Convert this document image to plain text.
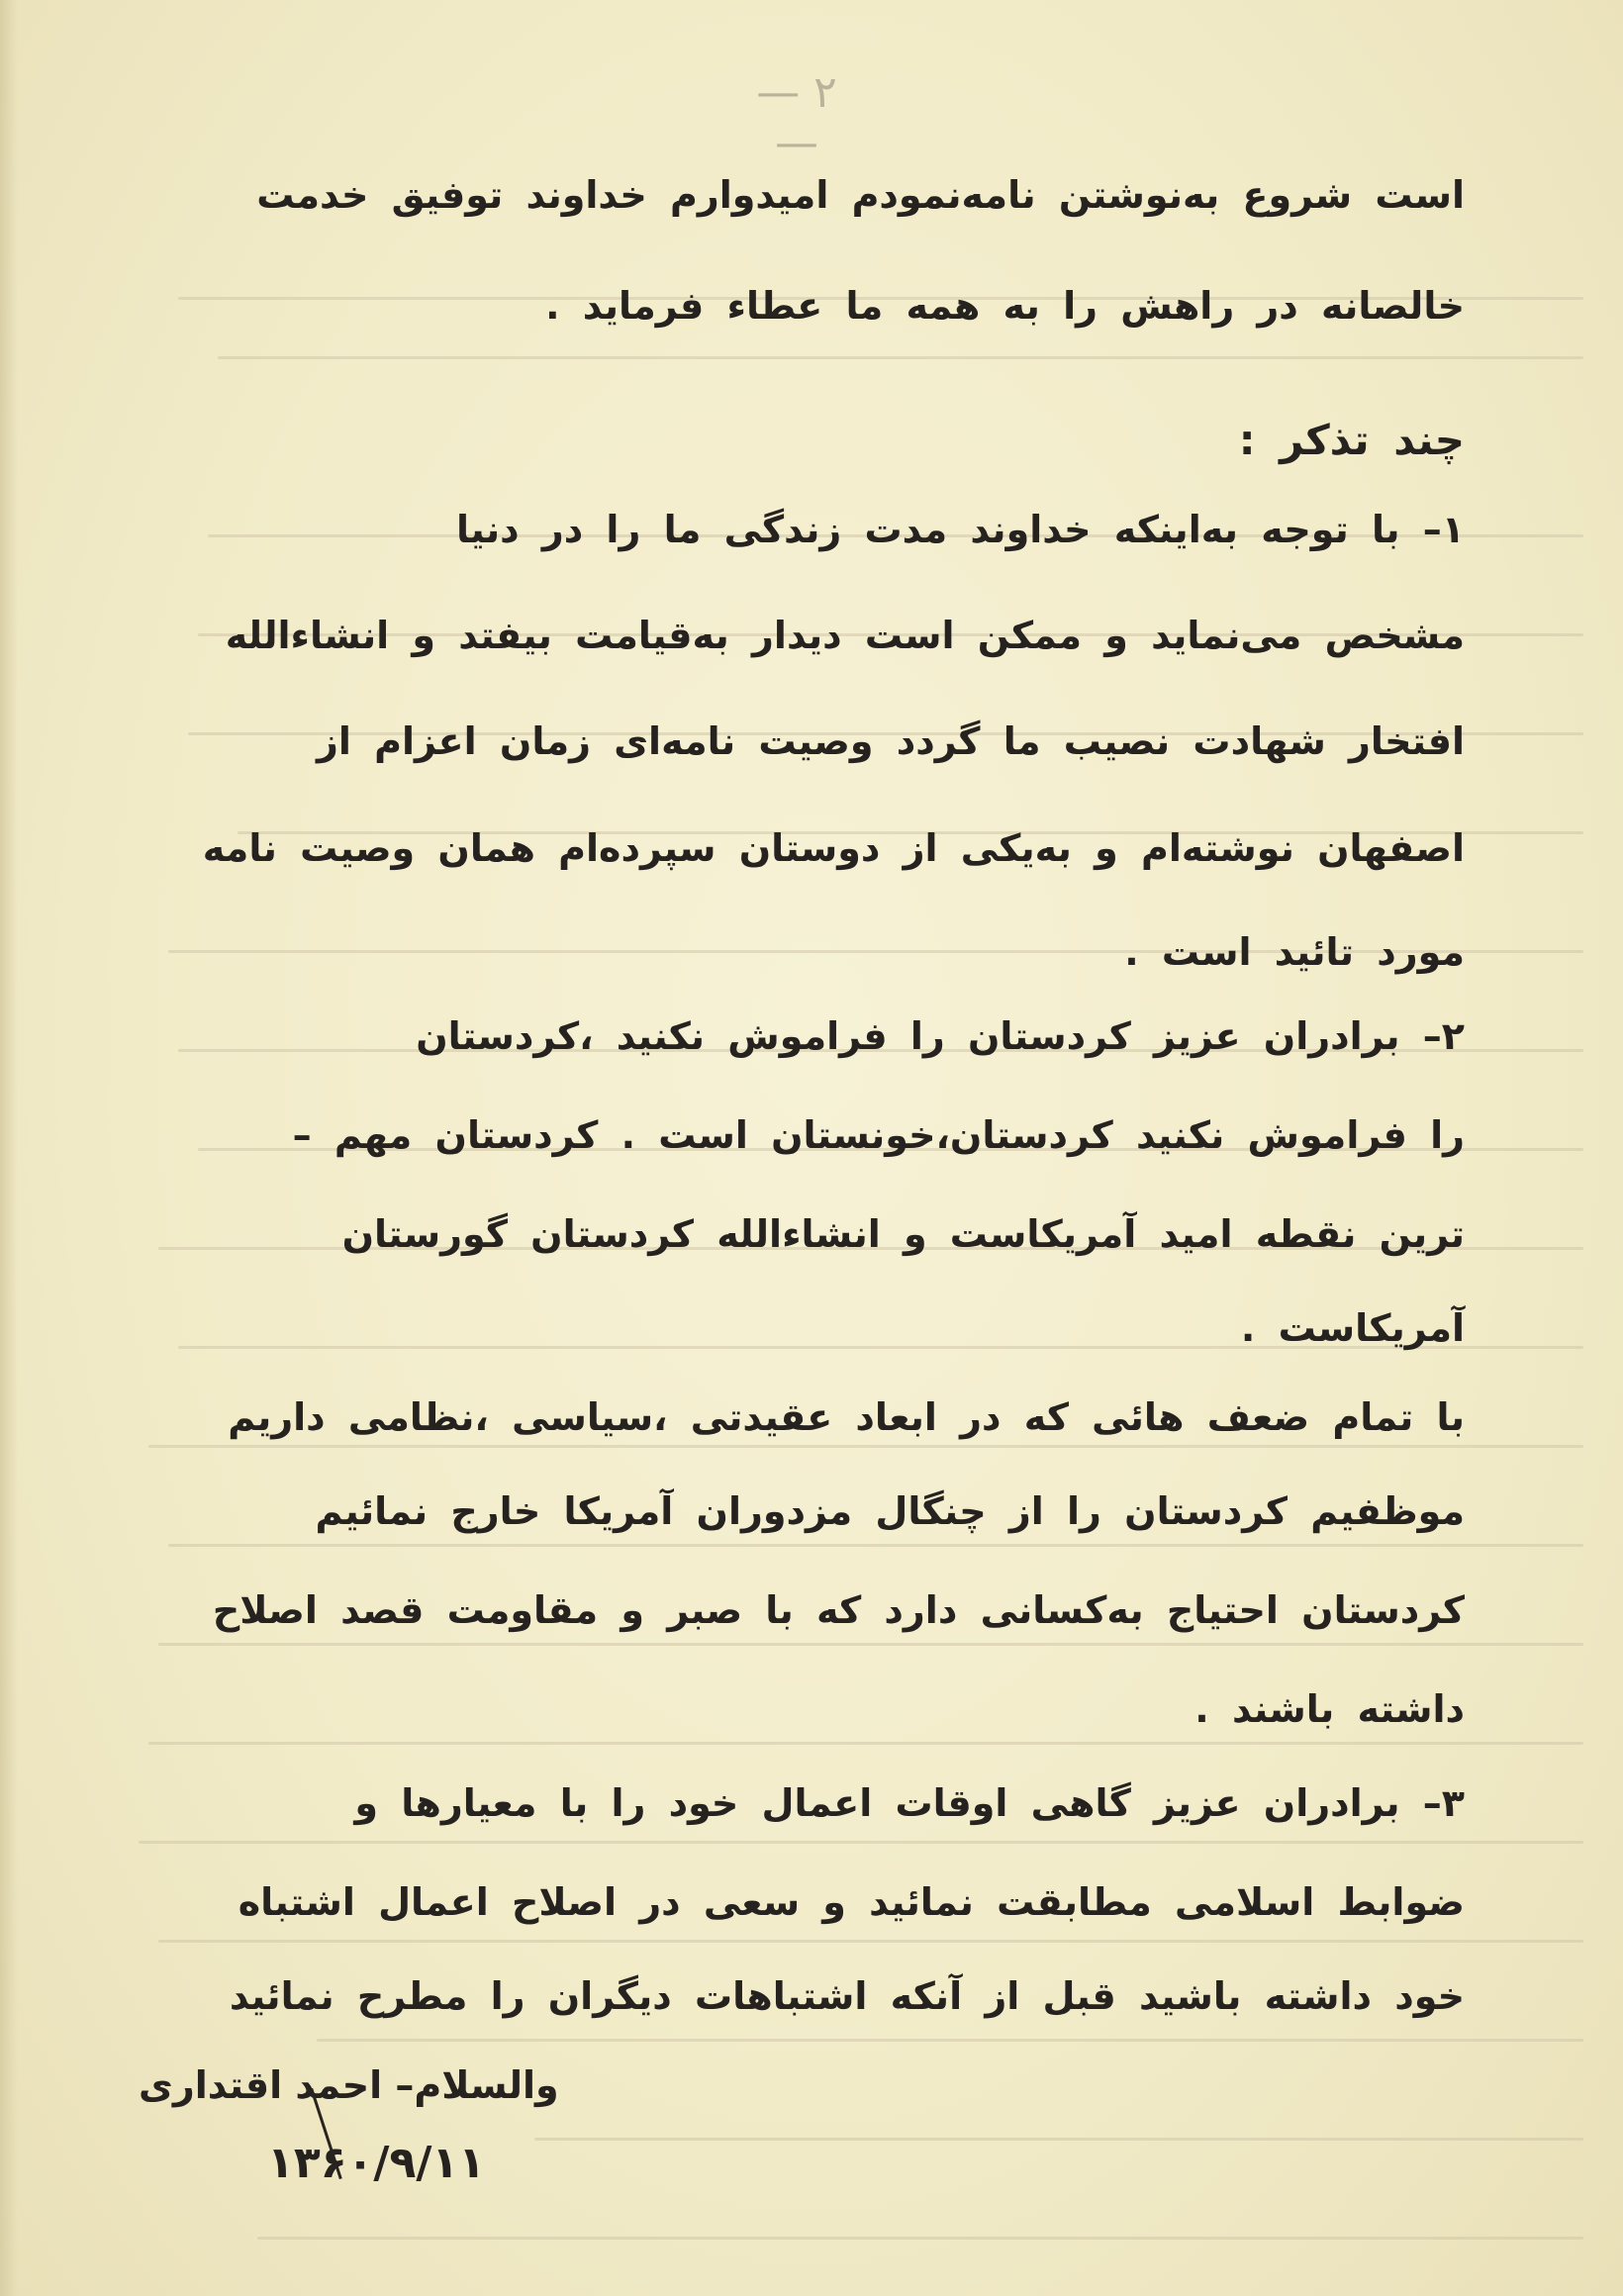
— ۲ —
است شروع به‌نوشتن نامه‌نمودم امیدوارم خداوند توفیق خدمت
خالصانه در راهش را به همه ما عطاء فرماید .
چند تذکر :
۱– با توجه به‌اینکه خداوند مدت زندگی ما را در دنیا
مشخص می‌نماید و ممکن است دیدار به‌قیامت بیفتد و انشاءالله
افتخار شهادت نصیب ما گردد وصیت نامه‌ای زمان اعزام از
اصفهان نوشته‌ام و به‌یکی از دوستان سپرده‌ام همان وصیت نامه
مورد تائید است .
۲– برادران عزیز کردستان را فراموش نکنید ،کردستان
را فراموش نکنید کردستان،خونستان است . کردستان مهم –
ترین نقطه امید آمریکاست و انشاءالله کردستان گورستان
آمریکاست .
با تمام ضعف هائی که در ابعاد عقیدتی ،سیاسی ،نظامی داریم
موظفیم کردستان را از چنگال مزدوران آمریکا خارج نمائیم
کردستان احتیاج به‌کسانی دارد که با صبر و مقاومت قصد اصلاح
داشته باشند .
۳– برادران عزیز گاهی اوقات اعمال خود را با معیارها و
ضوابط اسلامی مطابقت نمائید و سعی در اصلاح اعمال اشتباه
خود داشته باشید قبل از آنکه اشتباهات دیگران را مطرح نمائید
والسلام– احمد اقتداری
۱۳۶۰/۹/۱۱
